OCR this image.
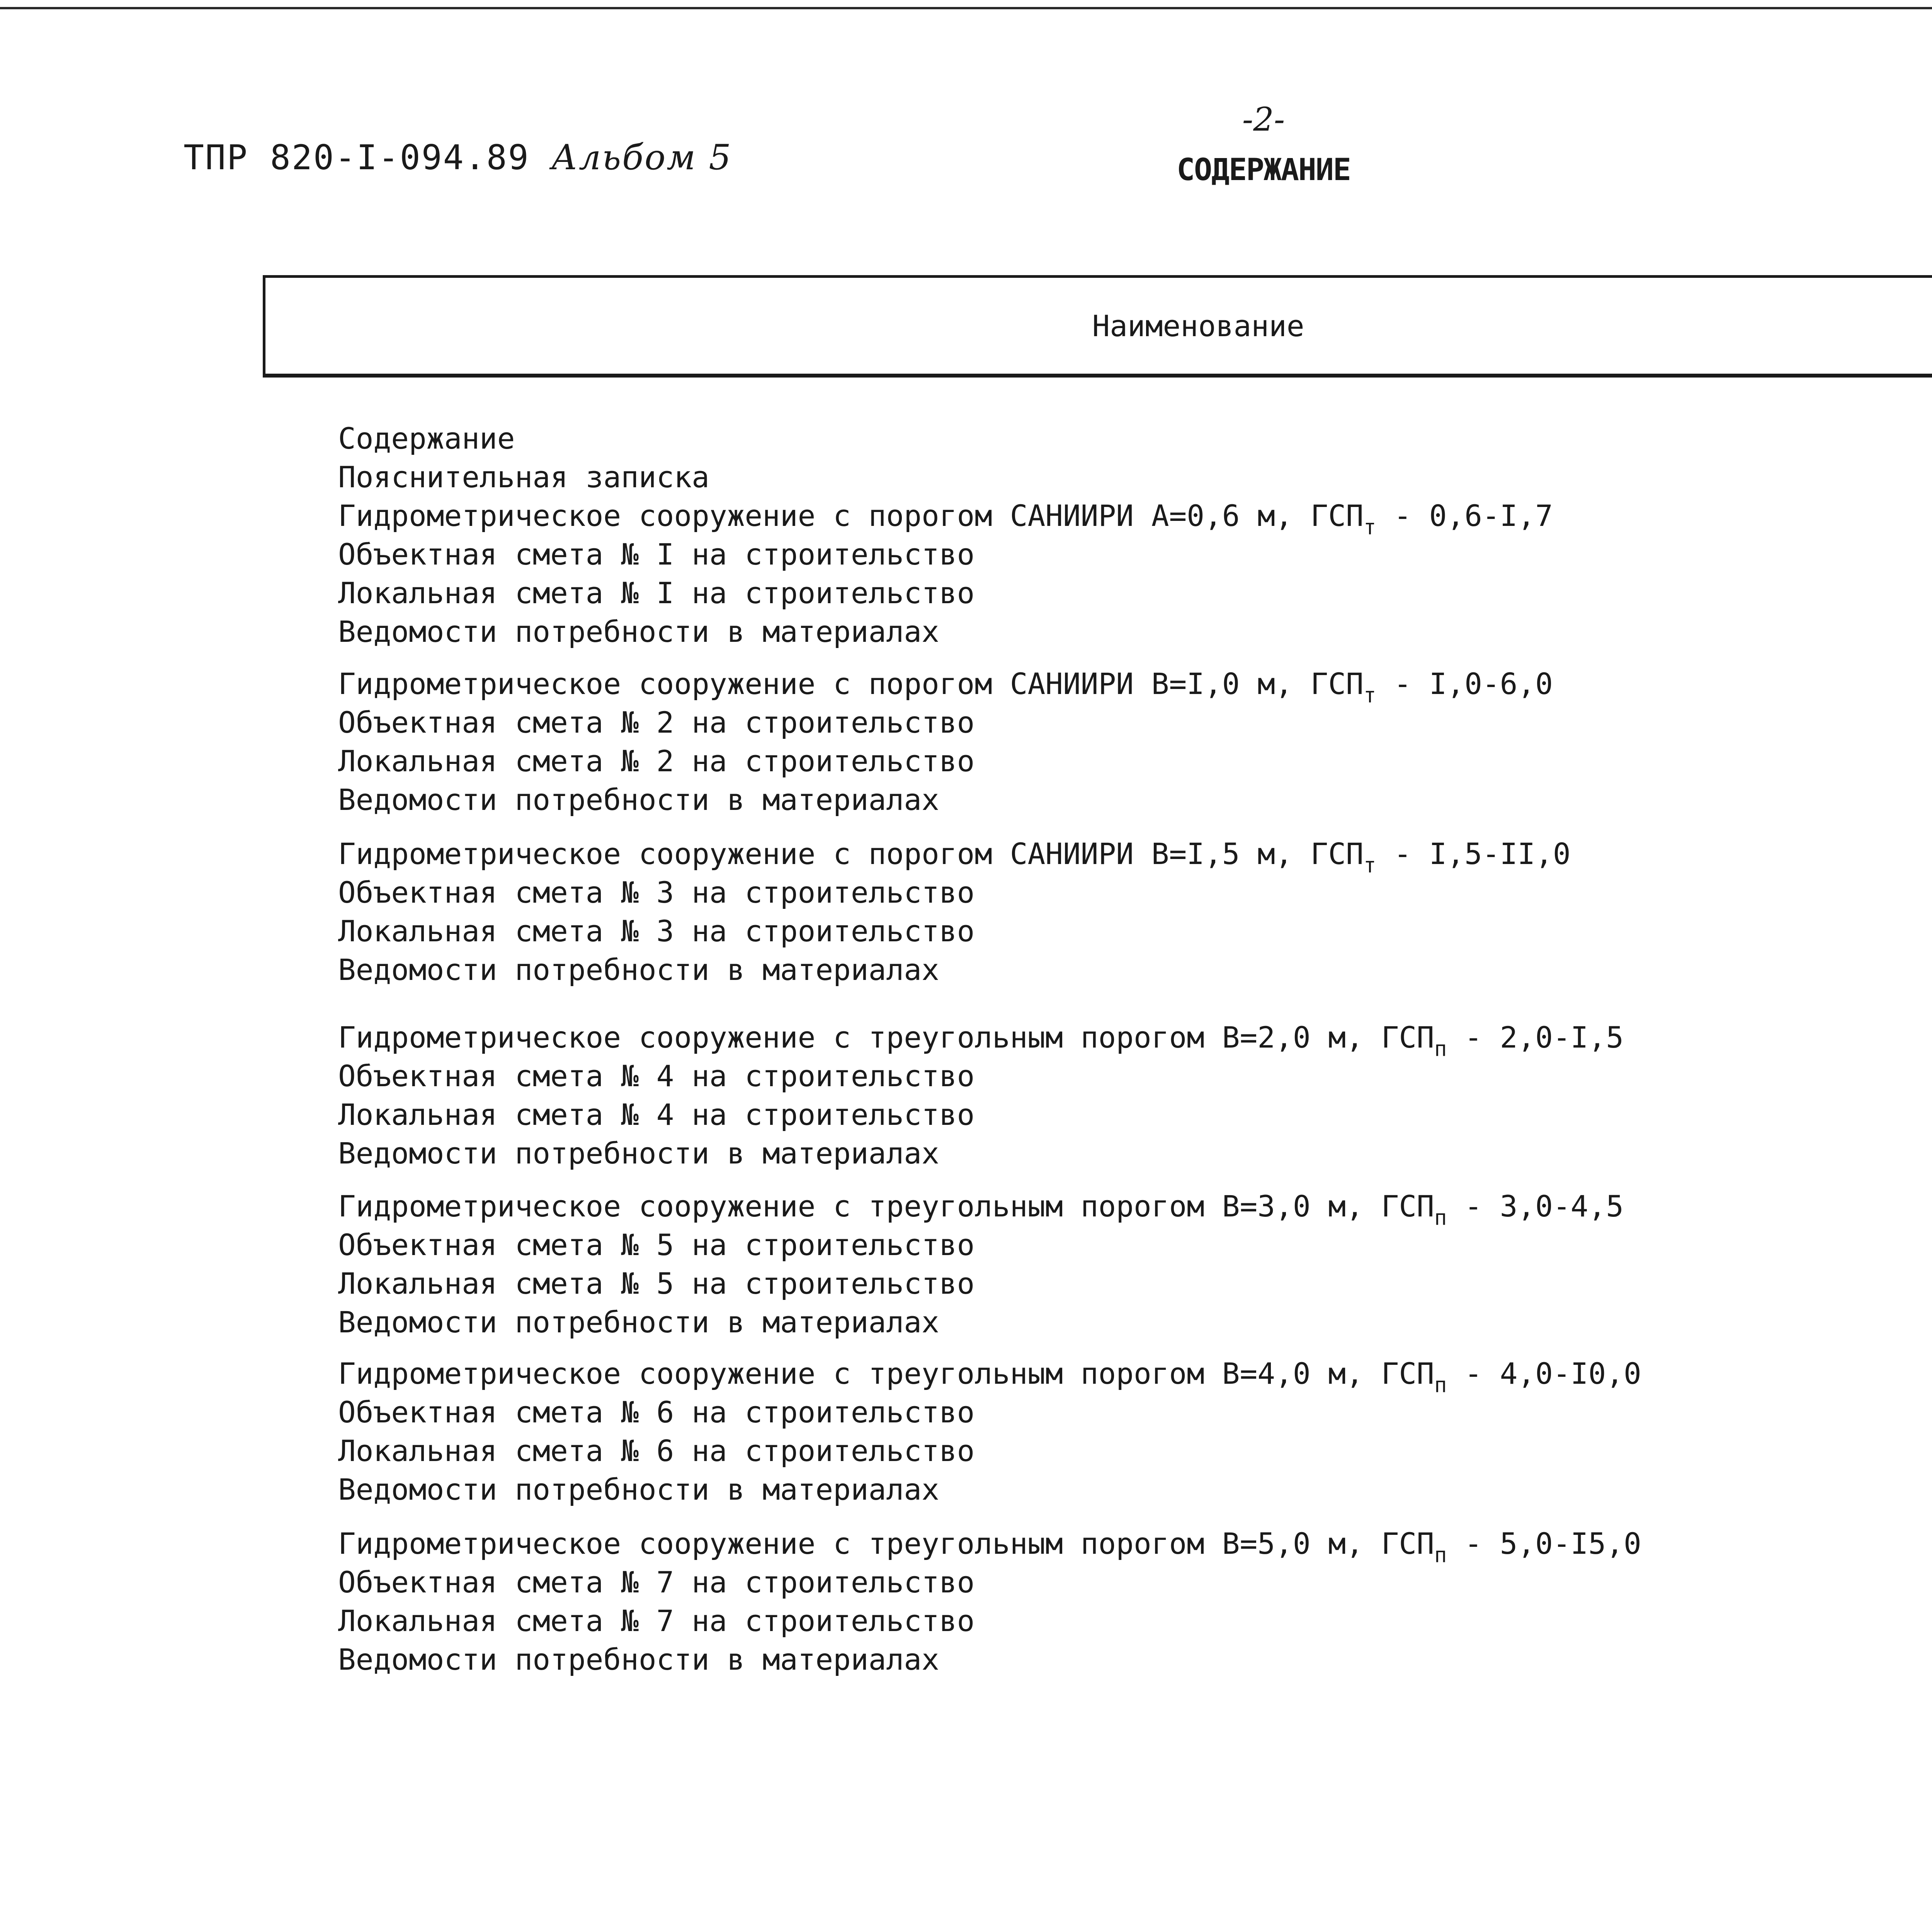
ТПР 820-I-094.89 Альбом 5
-2-
СОДЕРЖАНИЕ
Наименование
Содержание
Пояснительная записка
Гидрометрическое сооружение с порогом САНИИРИ А=0,6 м, $ГСП_т - 0,6-I,7$
Объектная смета № I на строительство
Локальная смета № I на строительство
Ведомости потребности в материалах
Гидрометрическое сооружение с порогом САНИИРИ В=I,0 м, $ГСП_т - I,0-6,0$
Объектная смета № 2 на строительство
Локальная смета № 2 на строительство
Ведомости потребности в материалах
Гидрометрическое сооружение с порогом САНИИРИ В=I,5 м, $ГСП_т - I,5-II,0$
Объектная смета № 3 на строительство
Локальная смета № 3 на строительство
Ведомости потребности в материалах
Гидрометрическое сооружение с треугольным порогом В=2,0 м, $ГСП_п - 2,0-I,5$
Объектная смета № 4 на строительство
Локальная смета № 4 на строительство
Ведомости потребности в материалах
Гидрометрическое сооружение с треугольным порогом В=3,0 м, $ГСП_п - 3,0-4,5$
Объектная смета № 5 на строительство
Локальная смета № 5 на строительство
Ведомости потребности в материалах
Гидрометрическое сооружение с треугольным порогом В=4,0 м, $ГСП_п - 4,0-I0,0$
Объектная смета № 6 на строительство
Локальная смета № 6 на строительство
Ведомости потребности в материалах
Гидрометрическое сооружение с треугольным порогом В=5,0 м, $ГСП_п - 5,0-I5,0$
Объектная смета № 7 на строительство
Локальная смета № 7 на строительство
Ведомости потребности в материалах
